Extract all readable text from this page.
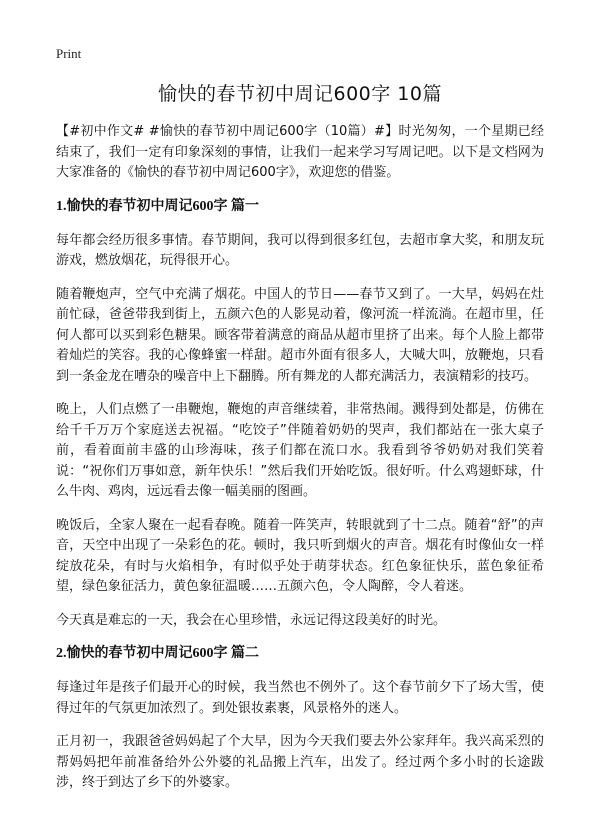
Print
愉快的春节初中周记600字 10篇

【#初中作文# #愉快的春节初中周记600字（10篇）#】时光匆匆，一个星期已经结束了，我们一定有印象深刻的事情，让我们一起来学习写周记吧。以下是文档网为大家准备的《愉快的春节初中周记600字》，欢迎您的借鉴。

1.愉快的春节初中周记600字 篇一

每年都会经历很多事情。春节期间，我可以得到很多红包，去超市拿大奖，和朋友玩游戏，燃放烟花，玩得很开心。

随着鞭炮声，空气中充满了烟花。中国人的节日——春节又到了。一大早，妈妈在灶前忙碌，爸爸带我到街上，五颜六色的人影晃动着，像河流一样流淌。在超市里，任何人都可以买到彩色糖果。顾客带着满意的商品从超市里挤了出来。每个人脸上都带着灿烂的笑容。我的心像蜂蜜一样甜。超市外面有很多人，大喊大叫，放鞭炮，只看到一条金龙在嘈杂的噪音中上下翻腾。所有舞龙的人都充满活力，表演精彩的技巧。

晚上，人们点燃了一串鞭炮，鞭炮的声音继续着，非常热闹。溅得到处都是，仿佛在给千千万万个家庭送去祝福。“吃饺子”伴随着奶奶的哭声，我们都站在一张大桌子前，看着面前丰盛的山珍海味，孩子们都在流口水。我看到爷爷奶奶对我们笑着说：“祝你们万事如意，新年快乐！”然后我们开始吃饭。很好听。什么鸡翅虾球，什么牛肉、鸡肉，远远看去像一幅美丽的图画。

晚饭后，全家人聚在一起看春晚。随着一阵笑声，转眼就到了十二点。随着“舒”的声音，天空中出现了一朵彩色的花。顿时，我只听到烟火的声音。烟花有时像仙女一样绽放花朵，有时与火焰相争，有时似乎处于萌芽状态。红色象征快乐，蓝色象征希望，绿色象征活力，黄色象征温暖……五颜六色，令人陶醉，令人着迷。

今天真是难忘的一天，我会在心里珍惜，永远记得这段美好的时光。

2.愉快的春节初中周记600字 篇二

每逢过年是孩子们最开心的时候，我当然也不例外了。这个春节前夕下了场大雪，使得过年的气氛更加浓烈了。到处银妆素裹，风景格外的迷人。

正月初一，我跟爸爸妈妈起了个大早，因为今天我们要去外公家拜年。我兴高采烈的帮妈妈把年前准备给外公外婆的礼品搬上汽车，出发了。经过两个多小时的长途跋涉，终于到达了乡下的外婆家。
